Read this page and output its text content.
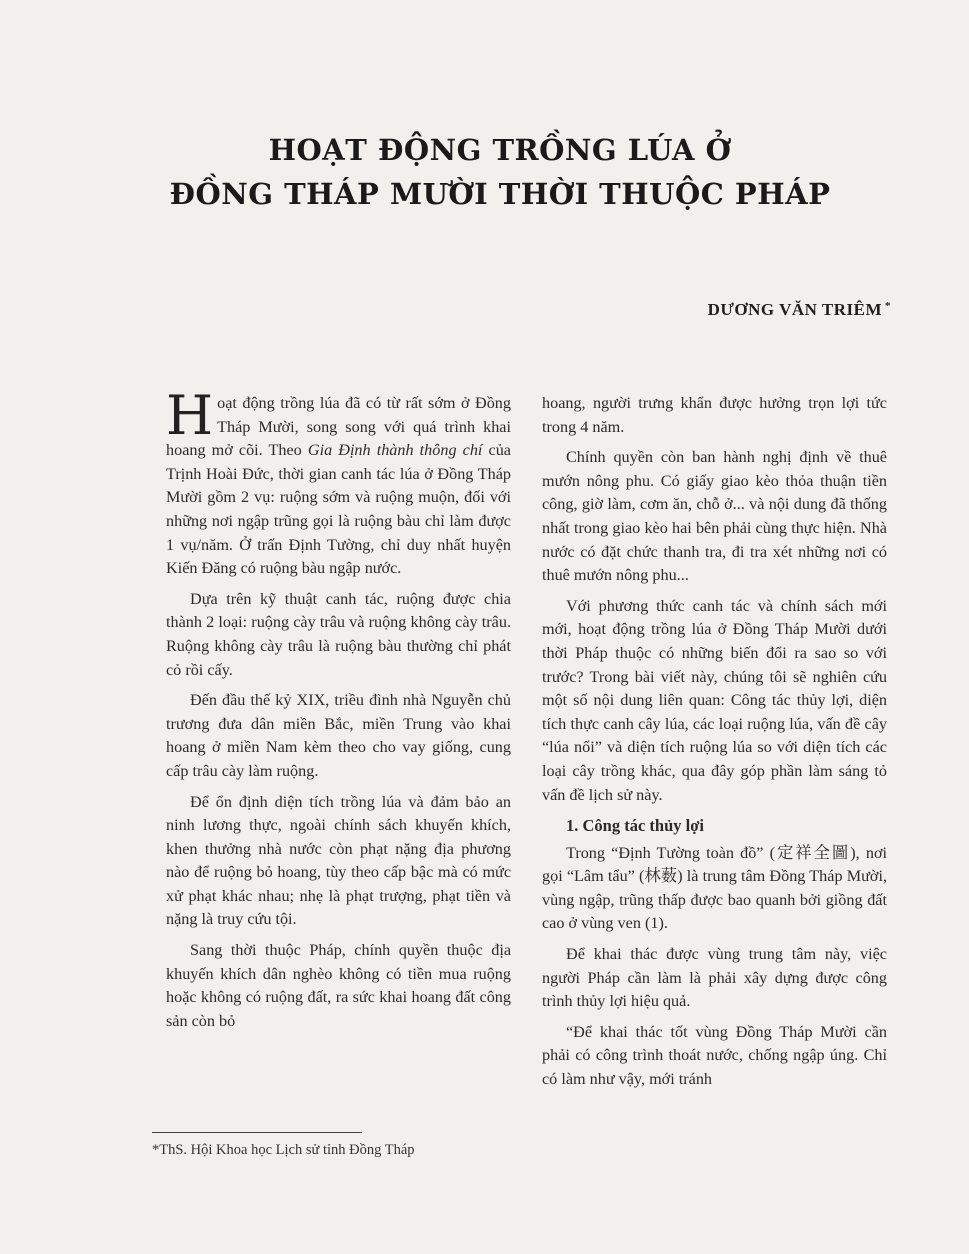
HOẠT ĐỘNG TRỒNG LÚA Ở
ĐỒNG THÁP MƯỜI THỜI THUỘC PHÁP
DƯƠNG VĂN TRIÊM *

Hoạt động trồng lúa đã có từ rất sớm ở Đồng Tháp Mười, song song với quá trình khai hoang mở cõi. Theo Gia Định thành thông chí của Trịnh Hoài Đức, thời gian canh tác lúa ở Đồng Tháp Mười gồm 2 vụ: ruộng sớm và ruộng muộn, đối với những nơi ngập trũng gọi là ruộng bàu chỉ làm được 1 vụ/năm. Ở trấn Định Tường, chỉ duy nhất huyện Kiến Đăng có ruộng bàu ngập nước.

Dựa trên kỹ thuật canh tác, ruộng được chia thành 2 loại: ruộng cày trâu và ruộng không cày trâu. Ruộng không cày trâu là ruộng bàu thường chỉ phát cỏ rồi cấy.

Đến đầu thế kỷ XIX, triều đình nhà Nguyễn chủ trương đưa dân miền Bắc, miền Trung vào khai hoang ở miền Nam kèm theo cho vay giống, cung cấp trâu cày làm ruộng.

Để ổn định diện tích trồng lúa và đảm bảo an ninh lương thực, ngoài chính sách khuyến khích, khen thưởng nhà nước còn phạt nặng địa phương nào để ruộng bỏ hoang, tùy theo cấp bậc mà có mức xử phạt khác nhau; nhẹ là phạt trượng, phạt tiền và nặng là truy cứu tội.

Sang thời thuộc Pháp, chính quyền thuộc địa khuyến khích dân nghèo không có tiền mua ruộng hoặc không có ruộng đất, ra sức khai hoang đất công sản còn bỏ

hoang, người trưng khẩn được hưởng trọn lợi tức trong 4 năm.

Chính quyền còn ban hành nghị định về thuê mướn nông phu. Có giấy giao kèo thỏa thuận tiền công, giờ làm, cơm ăn, chỗ ở... và nội dung đã thống nhất trong giao kèo hai bên phải cùng thực hiện. Nhà nước có đặt chức thanh tra, đi tra xét những nơi có thuê mướn nông phu...

Với phương thức canh tác và chính sách mới mới, hoạt động trồng lúa ở Đồng Tháp Mười dưới thời Pháp thuộc có những biến đổi ra sao so với trước? Trong bài viết này, chúng tôi sẽ nghiên cứu một số nội dung liên quan: Công tác thủy lợi, diện tích thực canh cây lúa, các loại ruộng lúa, vấn đề cây “lúa nổi” và diện tích ruộng lúa so với diện tích các loại cây trồng khác, qua đây góp phần làm sáng tỏ vấn đề lịch sử này.

1. Công tác thủy lợi

Trong “Định Tường toàn đồ” (定祥全圖), nơi gọi “Lâm tẩu” (林薮) là trung tâm Đồng Tháp Mười, vùng ngập, trũng thấp được bao quanh bởi giồng đất cao ở vùng ven (1).

Để khai thác được vùng trung tâm này, việc người Pháp cần làm là phải xây dựng được công trình thủy lợi hiệu quả.

“Để khai thác tốt vùng Đồng Tháp Mười cần phải có công trình thoát nước, chống ngập úng. Chỉ có làm như vậy, mới tránh

*ThS. Hội Khoa học Lịch sử tỉnh Đồng Tháp
